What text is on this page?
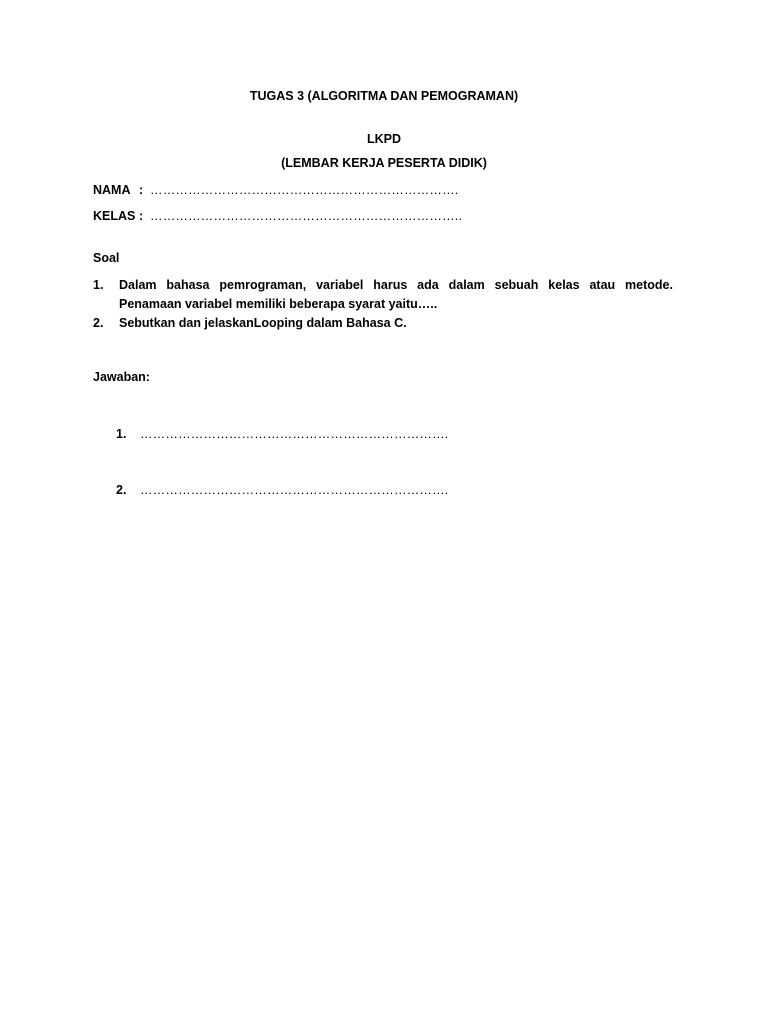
TUGAS 3 (ALGORITMA DAN PEMOGRAMAN)
LKPD
(LEMBAR KERJA PESERTA DIDIK)
NAMA : ……………………………………………………………….
KELAS : ………………………………………………………………..
Soal
1.	Dalam bahasa pemrograman, variabel harus ada dalam sebuah kelas atau metode. Penamaan variabel memiliki beberapa syarat yaitu…..
2.	Sebutkan dan jelaskanLooping dalam Bahasa C.
Jawaban:
1. ……………………………………………………………….
2. ……………………………………………………………….
